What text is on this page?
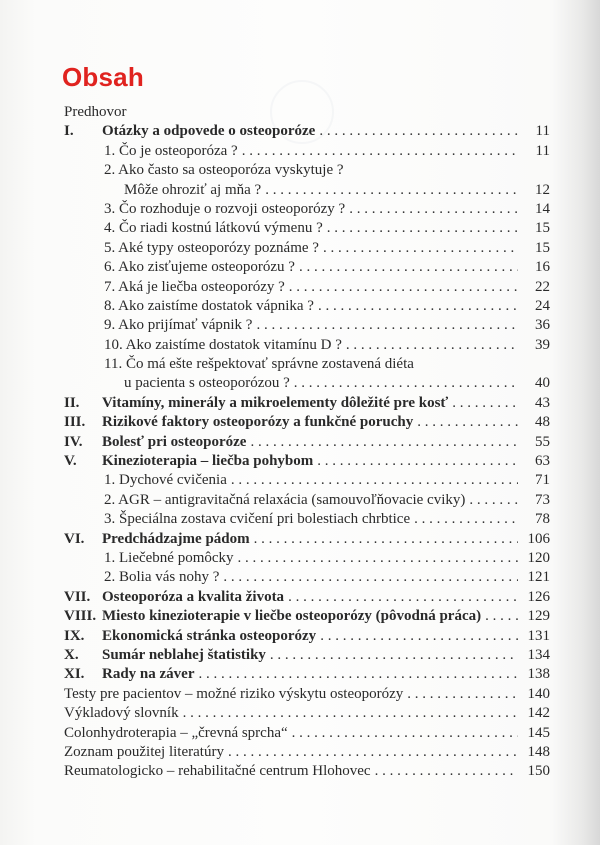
Obsah
Predhovor
I.	Otázky a odpovede o osteoporóze . . .	11
1. Čo je osteoporóza ? . . .	11
2. Ako často sa osteoporóza vyskytuje ?
Môže ohroziť aj mňa ? . . .	12
3. Čo rozhoduje o rozvoji osteoporózy ? . . .	14
4. Čo riadi kostnú látkovú výmenu ? . . .	15
5. Aké typy osteoporózy poznáme ? . . .	15
6. Ako zisťujeme osteoporózu ? . . .	16
7. Aká je liečba osteoporózy ? . . .	22
8. Ako zaistíme dostatok vápnika ? . . .	24
9. Ako prijímať vápnik ? . . .	36
10. Ako zaistíme dostatok vitamínu D ? . . .	39
11. Čo má ešte rešpektovať správne zostavená diéta
u pacienta s osteoporózou ? . . .	40
II.	Vitamíny, minerály a mikroelementy dôležité pre kosť . . .	43
III.	Rizikové faktory osteoporózy a funkčné poruchy . . .	48
IV.	Bolesť pri osteoporóze . . .	55
V.	Kinezioterapia – liečba pohybom . . .	63
1. Dychové cvičenia . . .	71
2. AGR – antigravitačná relaxácia (samouvoľňovacie cviky) . . .	73
3. Špeciálna zostava cvičení pri bolestiach chrbtice . . .	78
VI.	Predchádzajme pádom . . .	106
1. Liečebné pomôcky . . .	120
2. Bolia vás nohy ? . . .	121
VII. Osteoporóza a kvalita života . . .	126
VIII. Miesto kinezioterapie v liečbe osteoporózy (pôvodná práca) . . .	129
IX.	Ekonomická stránka osteoporózy . . .	131
X.	Sumár neblahej štatistiky . . .	134
XI.	Rady na záver . . .	138
Testy pre pacientov – možné riziko výskytu osteoporózy . . .	140
Výkladový slovník . . .	142
Colonhydroterapia – „črevná sprcha“ . . .	145
Zoznam použitej literatúry . . .	148
Reumatologicko – rehabilitačné centrum Hlohovec . . .	150
